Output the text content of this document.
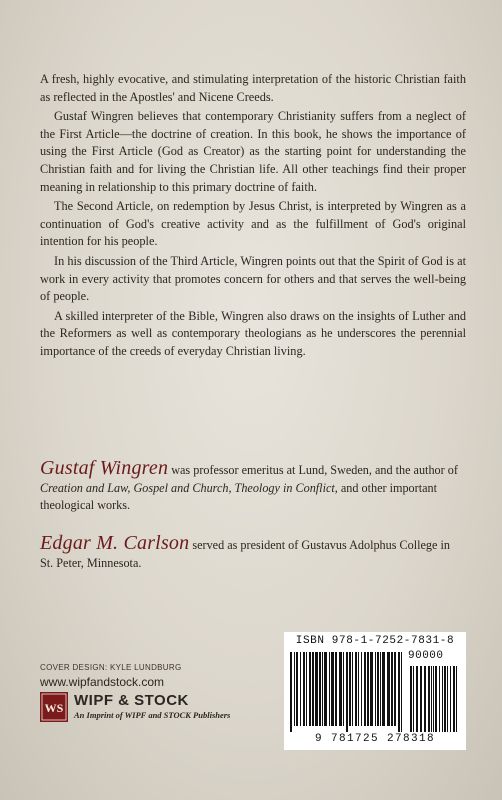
A fresh, highly evocative, and stimulating interpretation of the historic Christian faith as reflected in the Apostles' and Nicene Creeds.

Gustaf Wingren believes that contemporary Christianity suffers from a neglect of the First Article—the doctrine of creation. In this book, he shows the importance of using the First Article (God as Creator) as the starting point for understanding the Christian faith and for living the Christian life. All other teachings find their proper meaning in relationship to this primary doctrine of faith.

The Second Article, on redemption by Jesus Christ, is interpreted by Wingren as a continuation of God's creative activity and as the fulfillment of God's original intention for his people.

In his discussion of the Third Article, Wingren points out that the Spirit of God is at work in every activity that promotes concern for others and that serves the well-being of people.

A skilled interpreter of the Bible, Wingren also draws on the insights of Luther and the Reformers as well as contemporary theologians as he underscores the perennial importance of the creeds of everyday Christian living.

Gustaf Wingren was professor emeritus at Lund, Sweden, and the author of Creation and Law, Gospel and Church, Theology in Conflict, and other important theological works.
Edgar M. Carlson served as president of Gustavus Adolphus College in St. Peter, Minnesota.
ISBN 978-1-7252-7831-8
90000
9 781725 278318
COVER DESIGN: KYLE LUNDBURG
www.wipfandstock.com
WS WIPF & STOCK
An Imprint of WIPF and STOCK Publishers
